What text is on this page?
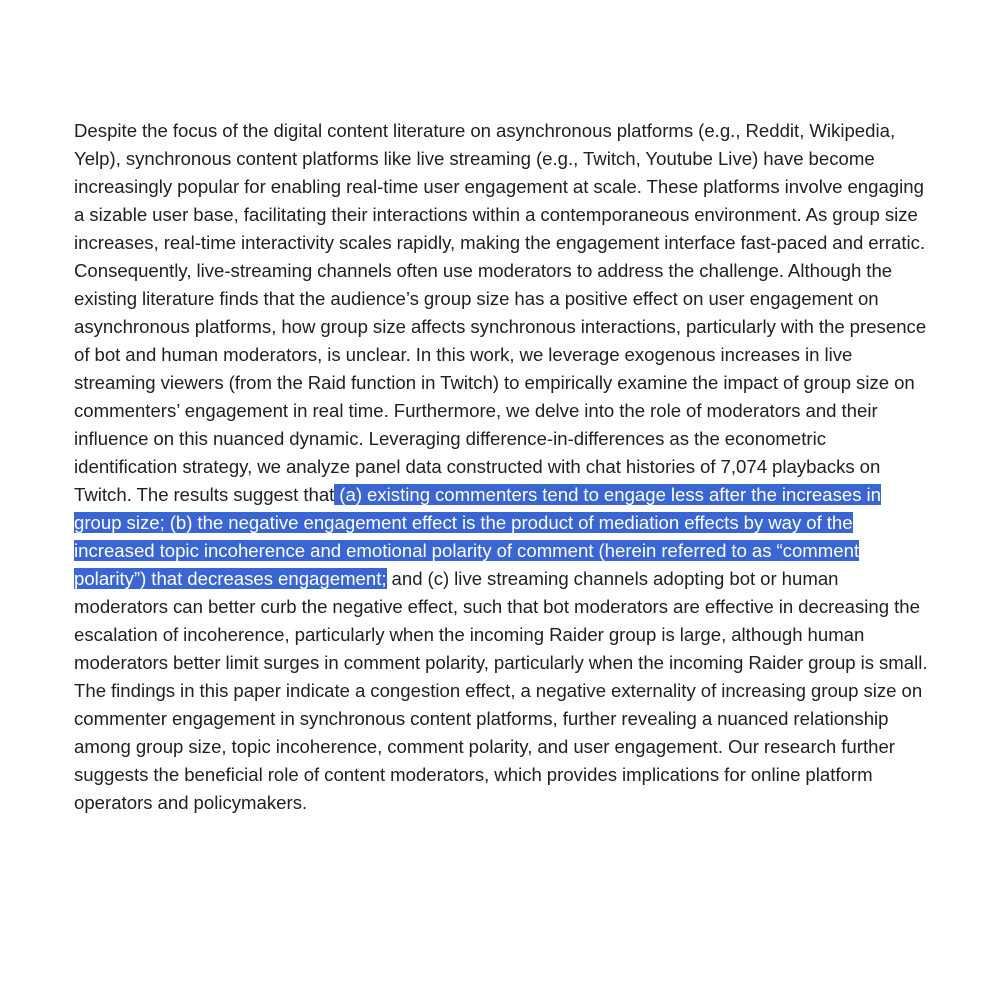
Despite the focus of the digital content literature on asynchronous platforms (e.g., Reddit, Wikipedia, Yelp), synchronous content platforms like live streaming (e.g., Twitch, Youtube Live) have become increasingly popular for enabling real-time user engagement at scale. These platforms involve engaging a sizable user base, facilitating their interactions within a contemporaneous environment. As group size increases, real-time interactivity scales rapidly, making the engagement interface fast-paced and erratic. Consequently, live-streaming channels often use moderators to address the challenge. Although the existing literature finds that the audience’s group size has a positive effect on user engagement on asynchronous platforms, how group size affects synchronous interactions, particularly with the presence of bot and human moderators, is unclear. In this work, we leverage exogenous increases in live streaming viewers (from the Raid function in Twitch) to empirically examine the impact of group size on commenters’ engagement in real time. Furthermore, we delve into the role of moderators and their influence on this nuanced dynamic. Leveraging difference-in-differences as the econometric identification strategy, we analyze panel data constructed with chat histories of 7,074 playbacks on Twitch. The results suggest that (a) existing commenters tend to engage less after the increases in group size; (b) the negative engagement effect is the product of mediation effects by way of the increased topic incoherence and emotional polarity of comment (herein referred to as “comment polarity”) that decreases engagement; and (c) live streaming channels adopting bot or human moderators can better curb the negative effect, such that bot moderators are effective in decreasing the escalation of incoherence, particularly when the incoming Raider group is large, although human moderators better limit surges in comment polarity, particularly when the incoming Raider group is small. The findings in this paper indicate a congestion effect, a negative externality of increasing group size on commenter engagement in synchronous content platforms, further revealing a nuanced relationship among group size, topic incoherence, comment polarity, and user engagement. Our research further suggests the beneficial role of content moderators, which provides implications for online platform operators and policymakers.
